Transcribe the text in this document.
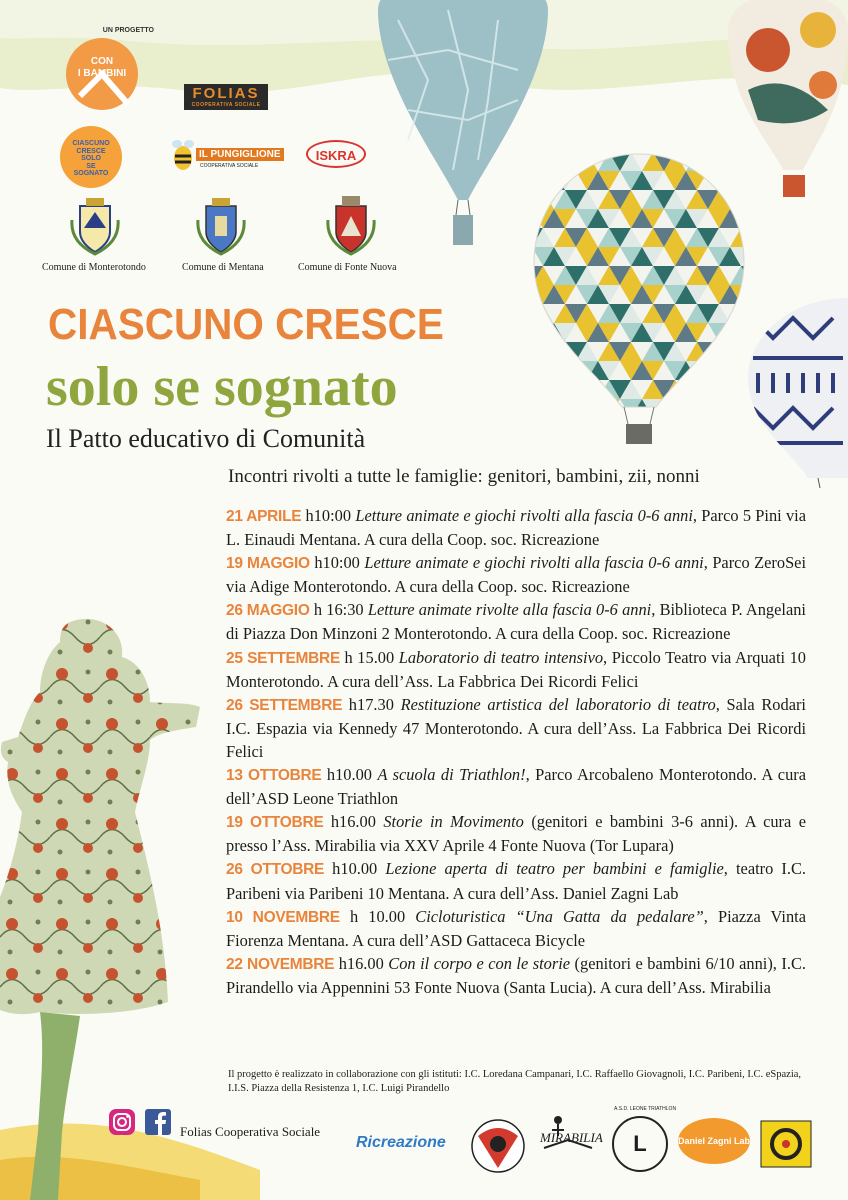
UN PROGETTO
CON
I BAMBINI
FOLIAS
COOPERATIVA SOCIALE
CIASCUNO
CRESCE
SOLO
SE
SOGNATO
IL PUNGIGLIONE
COOPERATIVA SOCIALE
ISKRA
Comune di Monterotondo	Comune di Mentana	Comune di Fonte Nuova
CIASCUNO CRESCE
solo se sognato
Il Patto educativo di Comunità
Incontri rivolti a tutte le famiglie: genitori, bambini, zii, nonni

21 APRILE h10:00 Letture animate e giochi rivolti alla fascia 0-6 anni, Parco 5 Pini via L. Einaudi Mentana. A cura della Coop. soc. Ricreazione

19 MAGGIO h10:00 Letture animate e giochi rivolti alla fascia 0-6 anni, Parco ZeroSei via Adige Monterotondo. A cura della Coop. soc. Ricreazione

26 MAGGIO h 16:30 Letture animate rivolte alla fascia 0-6 anni, Biblioteca P. Angelani di Piazza Don Minzoni 2 Monterotondo. A cura della Coop. soc. Ricreazione

25 SETTEMBRE h 15.00 Laboratorio di teatro intensivo, Piccolo Teatro via Arquati 10 Monterotondo. A cura dell’Ass. La Fabbrica Dei Ricordi Felici

26 SETTEMBRE h17.30 Restituzione artistica del laboratorio di teatro, Sala Rodari I.C. Espazia via Kennedy 47 Monterotondo. A cura dell’Ass. La Fabbrica Dei Ricordi Felici

13 OTTOBRE h10.00 A scuola di Triathlon!, Parco Arcobaleno Monterotondo. A cura dell’ASD Leone Triathlon

19 OTTOBRE h16.00 Storie in Movimento (genitori e bambini 3-6 anni). A cura e presso l’Ass. Mirabilia via XXV Aprile 4 Fonte Nuova (Tor Lupara)

26 OTTOBRE h10.00 Lezione aperta di teatro per bambini e famiglie, teatro I.C. Paribeni via Paribeni 10 Mentana. A cura dell’Ass. Daniel Zagni Lab

10 NOVEMBRE h 10.00 Cicloturistica “Una Gatta da pedalare”, Piazza Vinta Fiorenza Mentana. A cura dell’ASD Gattaceca Bicycle

22 NOVEMBRE h16.00 Con il corpo e con le storie (genitori e bambini 6/10 anni), I.C. Pirandello via Appennini 53 Fonte Nuova (Santa Lucia). A cura dell’Ass. Mirabilia

Il progetto è realizzato in collaborazione con gli istituti: I.C. Loredana Campanari, I.C. Raffaello Giovagnoli, I.C. Paribeni, I.C. eSpazia, I.I.S. Piazza della Resistenza 1, I.C. Luigi Pirandello
Folias Cooperativa Sociale
Ricreazione	MIRABILIA	L
A.S.D. LEONE TRIATHLON
Daniel Zagni Lab
